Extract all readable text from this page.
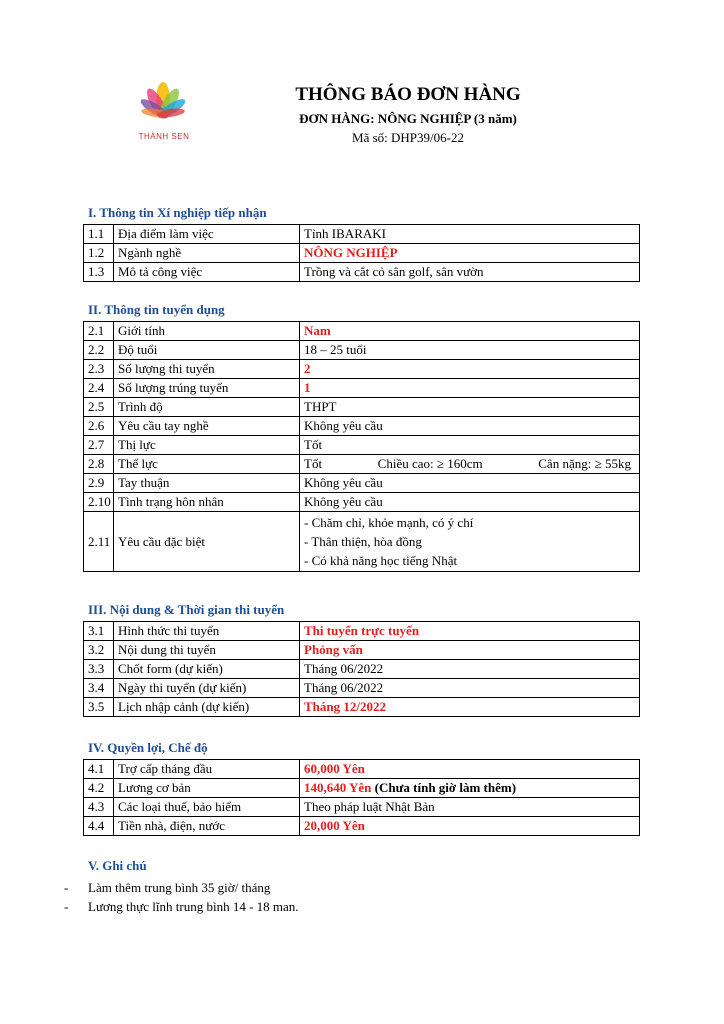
THÀNH SEN
THÔNG BÁO ĐƠN HÀNG
ĐƠN HÀNG: NÔNG NGHIỆP (3 năm)
Mã số: DHP39/06-22
I. Thông tin Xí nghiệp tiếp nhận
1.1	Địa điểm làm việc	Tỉnh IBARAKI
1.2	Ngành nghề	NÔNG NGHIỆP
1.3	Mô tả công việc	Trồng và cắt cỏ sân golf, sân vườn
II. Thông tin tuyển dụng
2.1	Giới tính	Nam
2.2	Độ tuổi	18 – 25 tuổi
2.3	Số lượng thi tuyển	2
2.4	Số lượng trúng tuyển	1
2.5	Trình độ	THPT
2.6	Yêu cầu tay nghề	Không yêu cầu
2.7	Thị lực	Tốt
2.8	Thể lực	Tốt Chiều cao: ≥ 160cm Cân nặng: ≥ 55kg

2.9	Tay thuận	Không yêu cầu
2.10	Tình trạng hôn nhân	Không yêu cầu
2.11	Yêu cầu đặc biệt	- Chăm chỉ, khỏe mạnh, có ý chí
- Thân thiện, hòa đồng
- Có khả năng học tiếng Nhật
III. Nội dung & Thời gian thi tuyển
3.1	Hình thức thi tuyển	Thi tuyển trực tuyến
3.2	Nội dung thi tuyển	Phỏng vấn
3.3	Chốt form (dự kiến)	Tháng 06/2022
3.4	Ngày thi tuyển (dự kiến)	Tháng 06/2022
3.5	Lịch nhập cảnh (dự kiến)	Tháng 12/2022
IV. Quyền lợi, Chế độ
4.1	Trợ cấp tháng đầu	60,000 Yên
4.2	Lương cơ bản	140,640 Yên (Chưa tính giờ làm thêm)
4.3	Các loại thuế, bảo hiểm	Theo pháp luật Nhật Bản
4.4	Tiền nhà, điện, nước	20,000 Yên
V. Ghi chú
- Làm thêm trung bình 35 giờ/ tháng
- Lương thực lĩnh trung bình 14 - 18 man.
